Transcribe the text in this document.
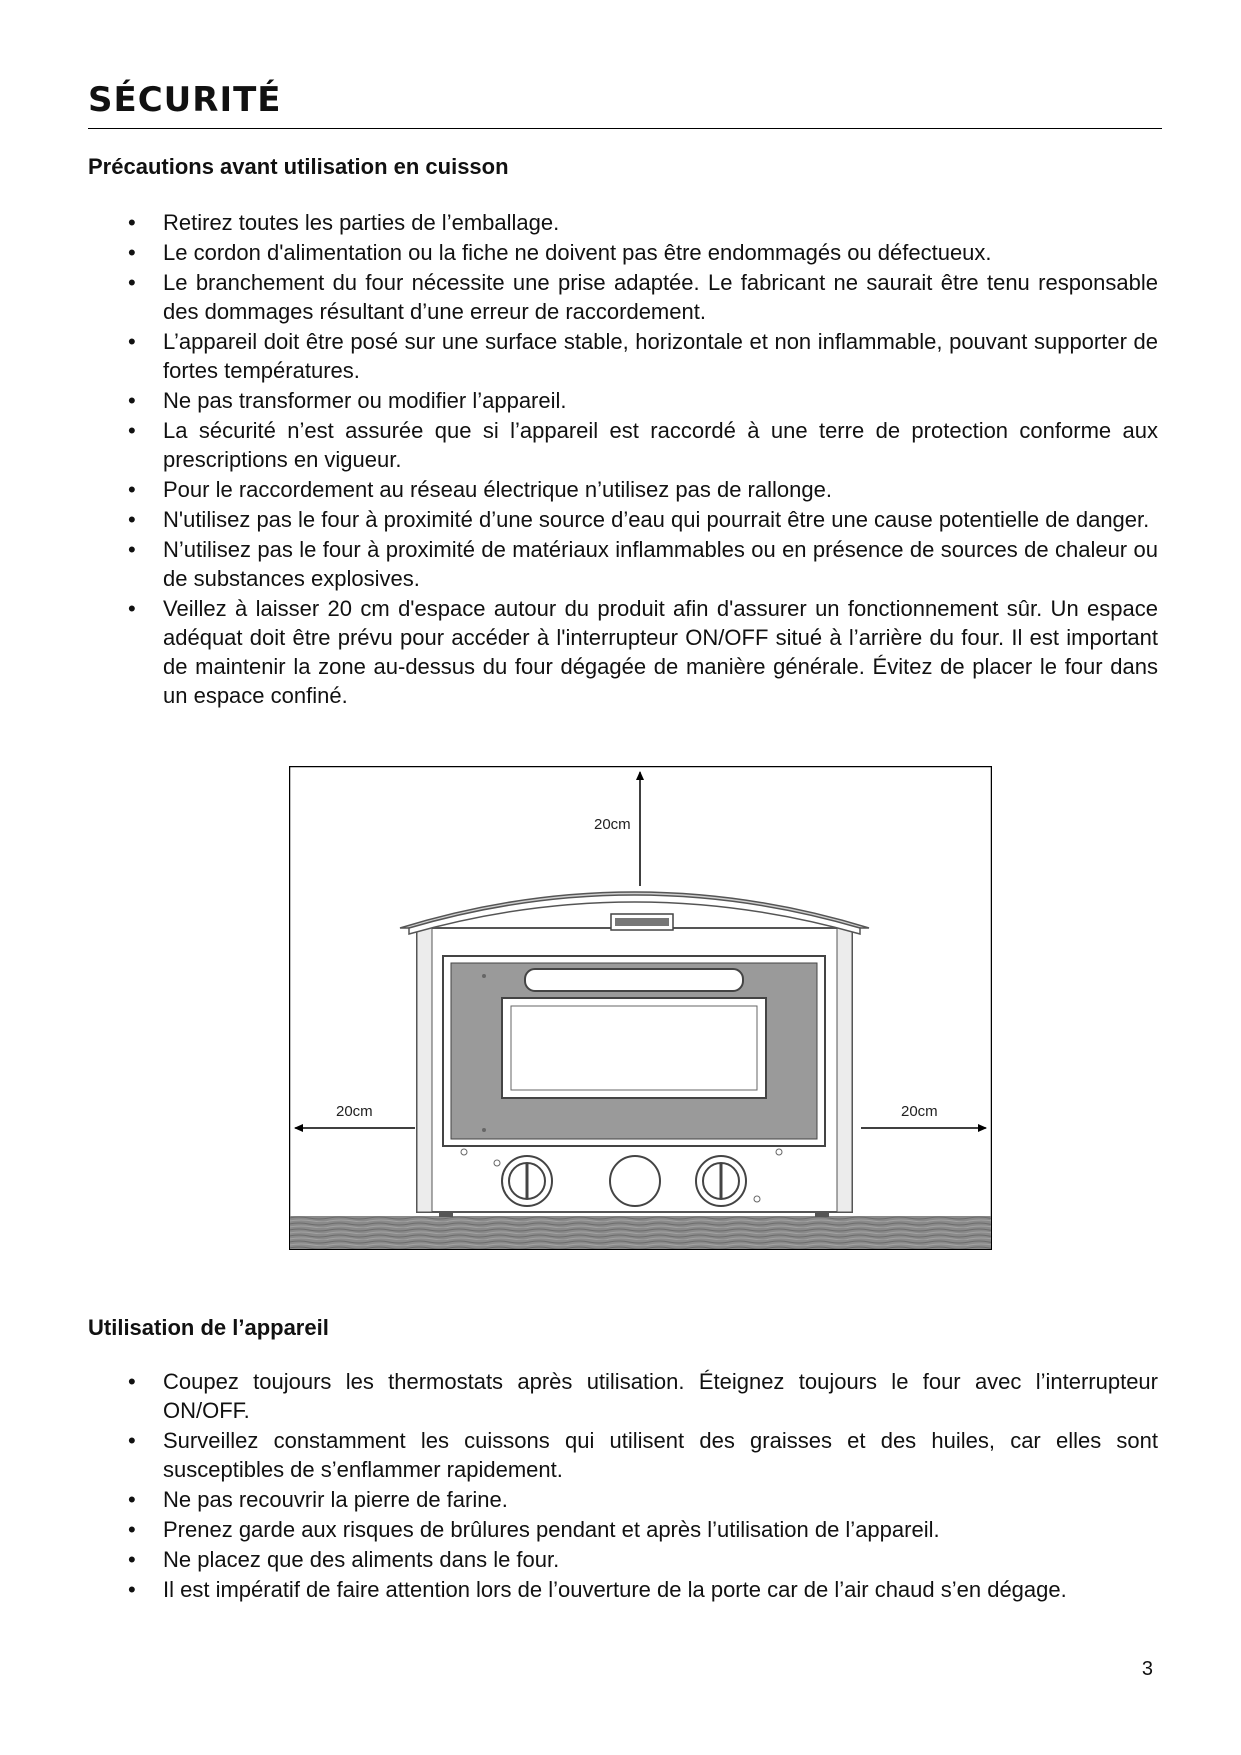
SÉCURITÉ
Précautions avant utilisation en cuisson
• Retirez toutes les parties de l’emballage.
• Le cordon d'alimentation ou la fiche ne doivent pas être endommagés ou défectueux.
• Le branchement du four nécessite une prise adaptée. Le fabricant ne saurait être tenu responsable des dommages résultant d’une erreur de raccordement.
• L’appareil doit être posé sur une surface stable, horizontale et non inflammable, pouvant supporter de fortes températures.
• Ne pas transformer ou modifier l’appareil.
• La sécurité n’est assurée que si l’appareil est raccordé à une terre de protection conforme aux prescriptions en vigueur.
• Pour le raccordement au réseau électrique n’utilisez pas de rallonge.
• N'utilisez pas le four à proximité d’une source d’eau qui pourrait être une cause potentielle de danger.
• N’utilisez pas le four à proximité de matériaux inflammables ou en présence de sources de chaleur ou de substances explosives.
• Veillez à laisser 20 cm d'espace autour du produit afin d'assurer un fonctionnement sûr. Un espace adéquat doit être prévu pour accéder à l'interrupteur ON/OFF situé à l’arrière du four. Il est important de maintenir la zone au-dessus du four dégagée de manière générale. Évitez de placer le four dans un espace confiné.
20cm
20cm	20cm
Utilisation de l’appareil
• Coupez toujours les thermostats après utilisation. Éteignez toujours le four avec l’interrupteur ON/OFF.
• Surveillez constamment les cuissons qui utilisent des graisses et des huiles, car elles sont susceptibles de s’enflammer rapidement.
• Ne pas recouvrir la pierre de farine.
• Prenez garde aux risques de brûlures pendant et après l’utilisation de l’appareil.
• Ne placez que des aliments dans le four.
• Il est impératif de faire attention lors de l’ouverture de la porte car de l’air chaud s’en dégage.
3
